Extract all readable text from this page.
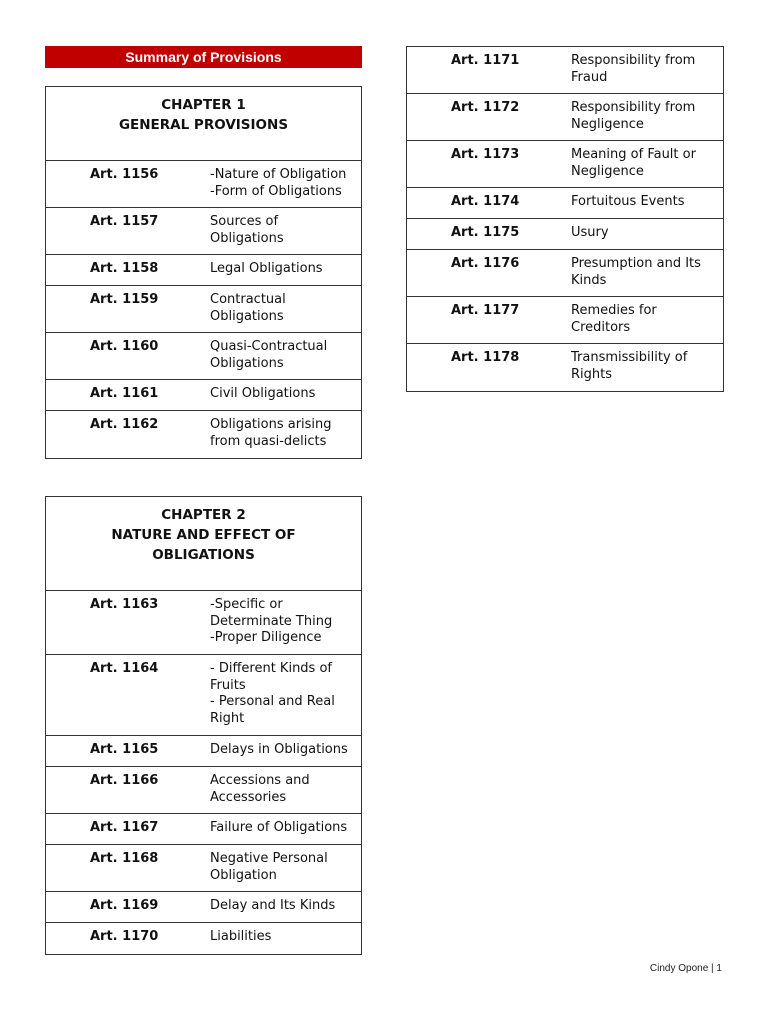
Summary of Provisions
CHAPTER 1
GENERAL PROVISIONS
Art. 1156	-Nature of Obligation
-Form of Obligations
Art. 1157	Sources of
Obligations
Art. 1158	Legal Obligations
Art. 1159	Contractual
Obligations
Art. 1160	Quasi-Contractual
Obligations
Art. 1161	Civil Obligations
Art. 1162	Obligations arising
from quasi-delicts
CHAPTER 2
NATURE AND EFFECT OF
OBLIGATIONS
Art. 1163	-Specific or
Determinate Thing
-Proper Diligence
Art. 1164	- Different Kinds of
Fruits
- Personal and Real
Right
Art. 1165	Delays in Obligations
Art. 1166	Accessions and
Accessories
Art. 1167	Failure of Obligations
Art. 1168	Negative Personal
Obligation
Art. 1169	Delay and Its Kinds
Art. 1170	Liabilities
Art. 1171	Responsibility from
Fraud
Art. 1172	Responsibility from
Negligence
Art. 1173	Meaning of Fault or
Negligence
Art. 1174	Fortuitous Events
Art. 1175	Usury
Art. 1176	Presumption and Its
Kinds
Art. 1177	Remedies for
Creditors
Art. 1178	Transmissibility of
Rights
Cindy Opone | 1
